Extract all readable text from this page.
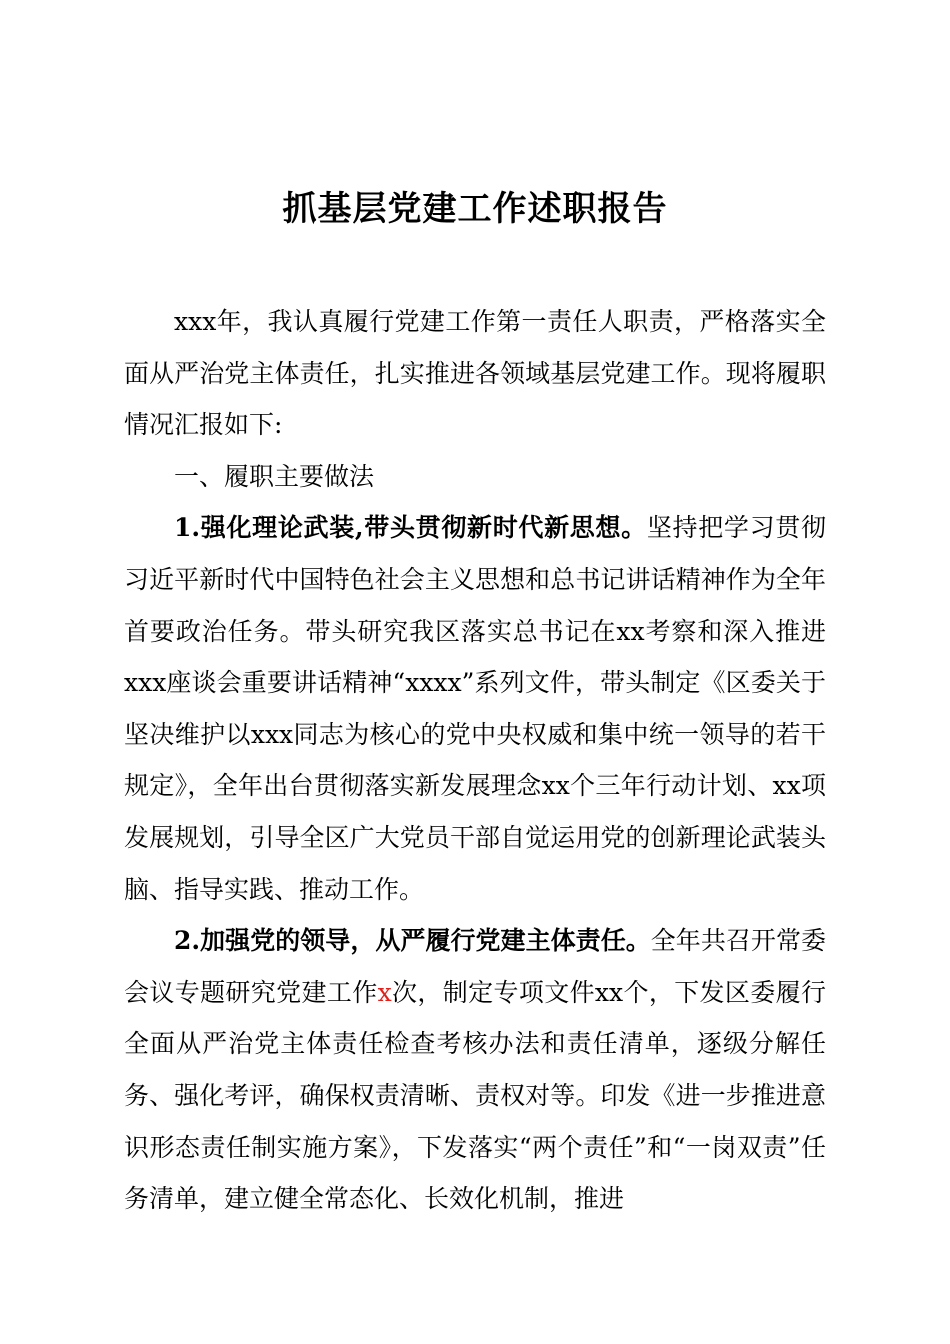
抓基层党建工作述职报告

xxx年，我认真履行党建工作第一责任人职责，严格落实全面从严治党主体责任，扎实推进各领域基层党建工作。现将履职情况汇报如下:

一、履职主要做法

1.强化理论武装,带头贯彻新时代新思想。坚持把学习贯彻习近平新时代中国特色社会主义思想和总书记讲话精神作为全年首要政治任务。带头研究我区落实总书记在xx考察和深入推进xxx座谈会重要讲话精神“xxxx”系列文件，带头制定《区委关于坚决维护以xxx同志为核心的党中央权威和集中统一领导的若干规定》，全年出台贯彻落实新发展理念xx个三年行动计划、xx项发展规划，引导全区广大党员干部自觉运用党的创新理论武装头脑、指导实践、推动工作。

2.加强党的领导，从严履行党建主体责任。全年共召开常委会议专题研究党建工作x次，制定专项文件xx个，下发区委履行全面从严治党主体责任检查考核办法和责任清单，逐级分解任务、强化考评，确保权责清晰、责权对等。印发《进一步推进意识形态责任制实施方案》，下发落实“两个责任”和“一岗双责”任务清单，建立健全常态化、长效化机制，推进
